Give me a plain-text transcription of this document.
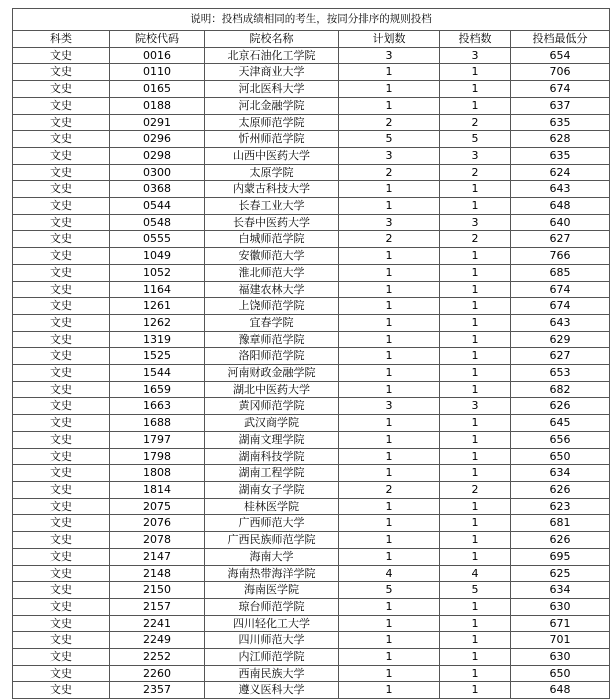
说明：投档成绩相同的考生，按同分排序的规则投档					
科类	院校代码	院校名称	计划数	投档数	投档最低分
文史	0016	北京石油化工学院	3	3	654
文史	0110	天津商业大学	1	1	706
文史	0165	河北医科大学	1	1	674
文史	0188	河北金融学院	1	1	637
文史	0291	太原师范学院	2	2	635
文史	0296	忻州师范学院	5	5	628
文史	0298	山西中医药大学	3	3	635
文史	0300	太原学院	2	2	624
文史	0368	内蒙古科技大学	1	1	643
文史	0544	长春工业大学	1	1	648
文史	0548	长春中医药大学	3	3	640
文史	0555	白城师范学院	2	2	627
文史	1049	安徽师范大学	1	1	766
文史	1052	淮北师范大学	1	1	685
文史	1164	福建农林大学	1	1	674
文史	1261	上饶师范学院	1	1	674
文史	1262	宜春学院	1	1	643
文史	1319	豫章师范学院	1	1	629
文史	1525	洛阳师范学院	1	1	627
文史	1544	河南财政金融学院	1	1	653
文史	1659	湖北中医药大学	1	1	682
文史	1663	黄冈师范学院	3	3	626
文史	1688	武汉商学院	1	1	645
文史	1797	湖南文理学院	1	1	656
文史	1798	湖南科技学院	1	1	650
文史	1808	湖南工程学院	1	1	634
文史	1814	湖南女子学院	2	2	626
文史	2075	桂林医学院	1	1	623
文史	2076	广西师范大学	1	1	681
文史	2078	广西民族师范学院	1	1	626
文史	2147	海南大学	1	1	695
文史	2148	海南热带海洋学院	4	4	625
文史	2150	海南医学院	5	5	634
文史	2157	琼台师范学院	1	1	630
文史	2241	四川轻化工大学	1	1	671
文史	2249	四川师范大学	1	1	701
文史	2252	内江师范学院	1	1	630
文史	2260	西南民族大学	1	1	650
文史	2357	遵义医科大学	1	1	648
